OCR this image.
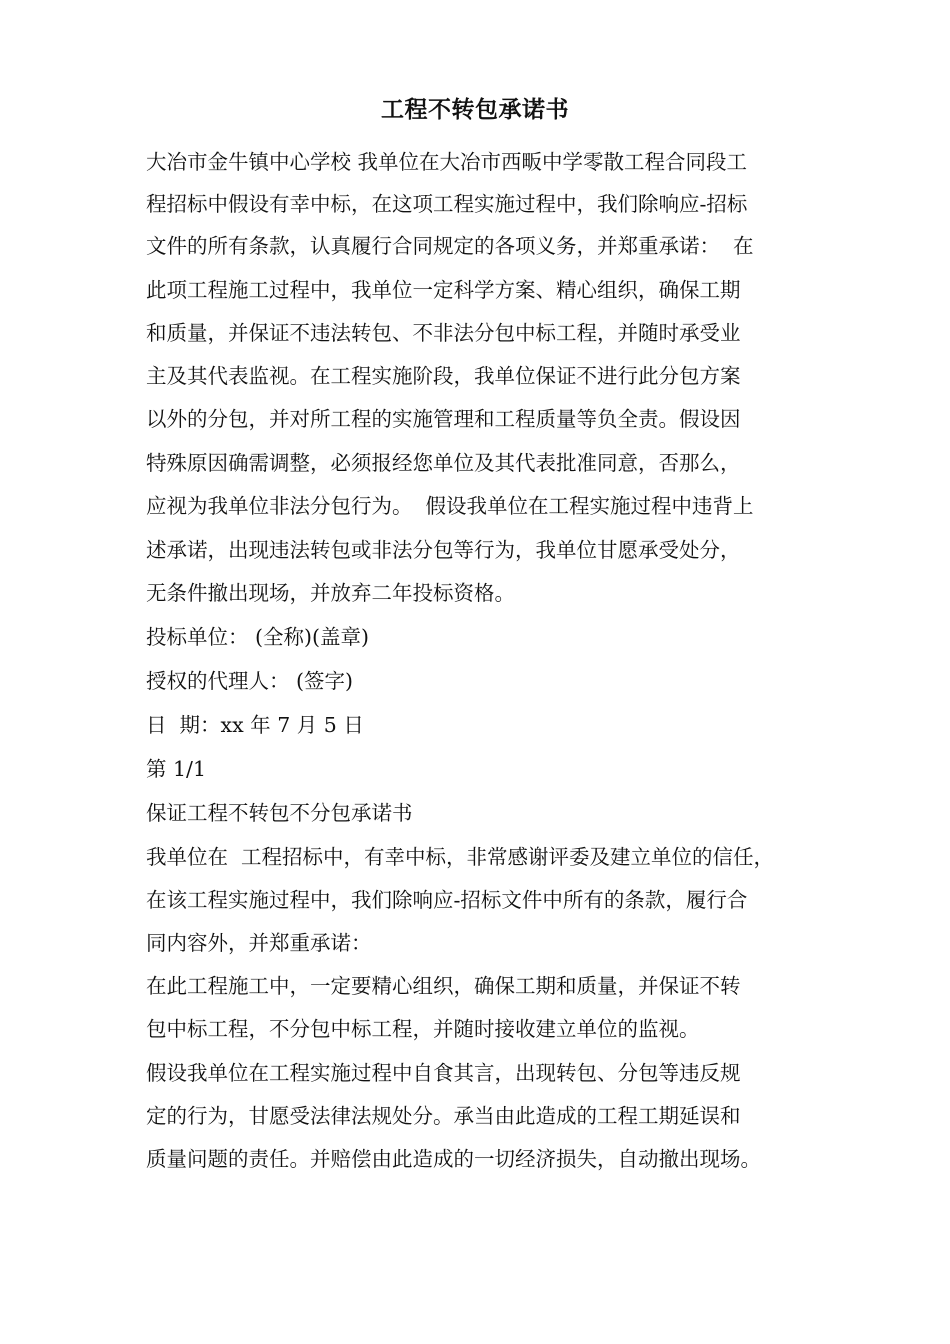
工程不转包承诺书
大冶市金牛镇中心学校 我单位在大冶市西畈中学零散工程合同段工
程招标中假设有幸中标，在这项工程实施过程中，我们除响应-招标
文件的所有条款，认真履行合同规定的各项义务，并郑重承诺：  在
此项工程施工过程中，我单位一定科学方案、精心组织，确保工期
和质量，并保证不违法转包、不非法分包中标工程，并随时承受业
主及其代表监视。在工程实施阶段，我单位保证不进行此分包方案
以外的分包，并对所工程的实施管理和工程质量等负全责。假设因
特殊原因确需调整，必须报经您单位及其代表批准同意，否那么，
应视为我单位非法分包行为。  假设我单位在工程实施过程中违背上
述承诺，出现违法转包或非法分包等行为，我单位甘愿承受处分，
无条件撤出现场，并放弃二年投标资格。
投标单位： (全称)(盖章)
授权的代理人： (签字)
日  期：xx 年 7 月 5 日
第 1/1
保证工程不转包不分包承诺书
我单位在  工程招标中，有幸中标，非常感谢评委及建立单位的信任，
在该工程实施过程中，我们除响应-招标文件中所有的条款，履行合
同内容外，并郑重承诺：
在此工程施工中，一定要精心组织，确保工期和质量，并保证不转
包中标工程，不分包中标工程，并随时接收建立单位的监视。
假设我单位在工程实施过程中自食其言，出现转包、分包等违反规
定的行为，甘愿受法律法规处分。承当由此造成的工程工期延误和
质量问题的责任。并赔偿由此造成的一切经济损失，自动撤出现场。
